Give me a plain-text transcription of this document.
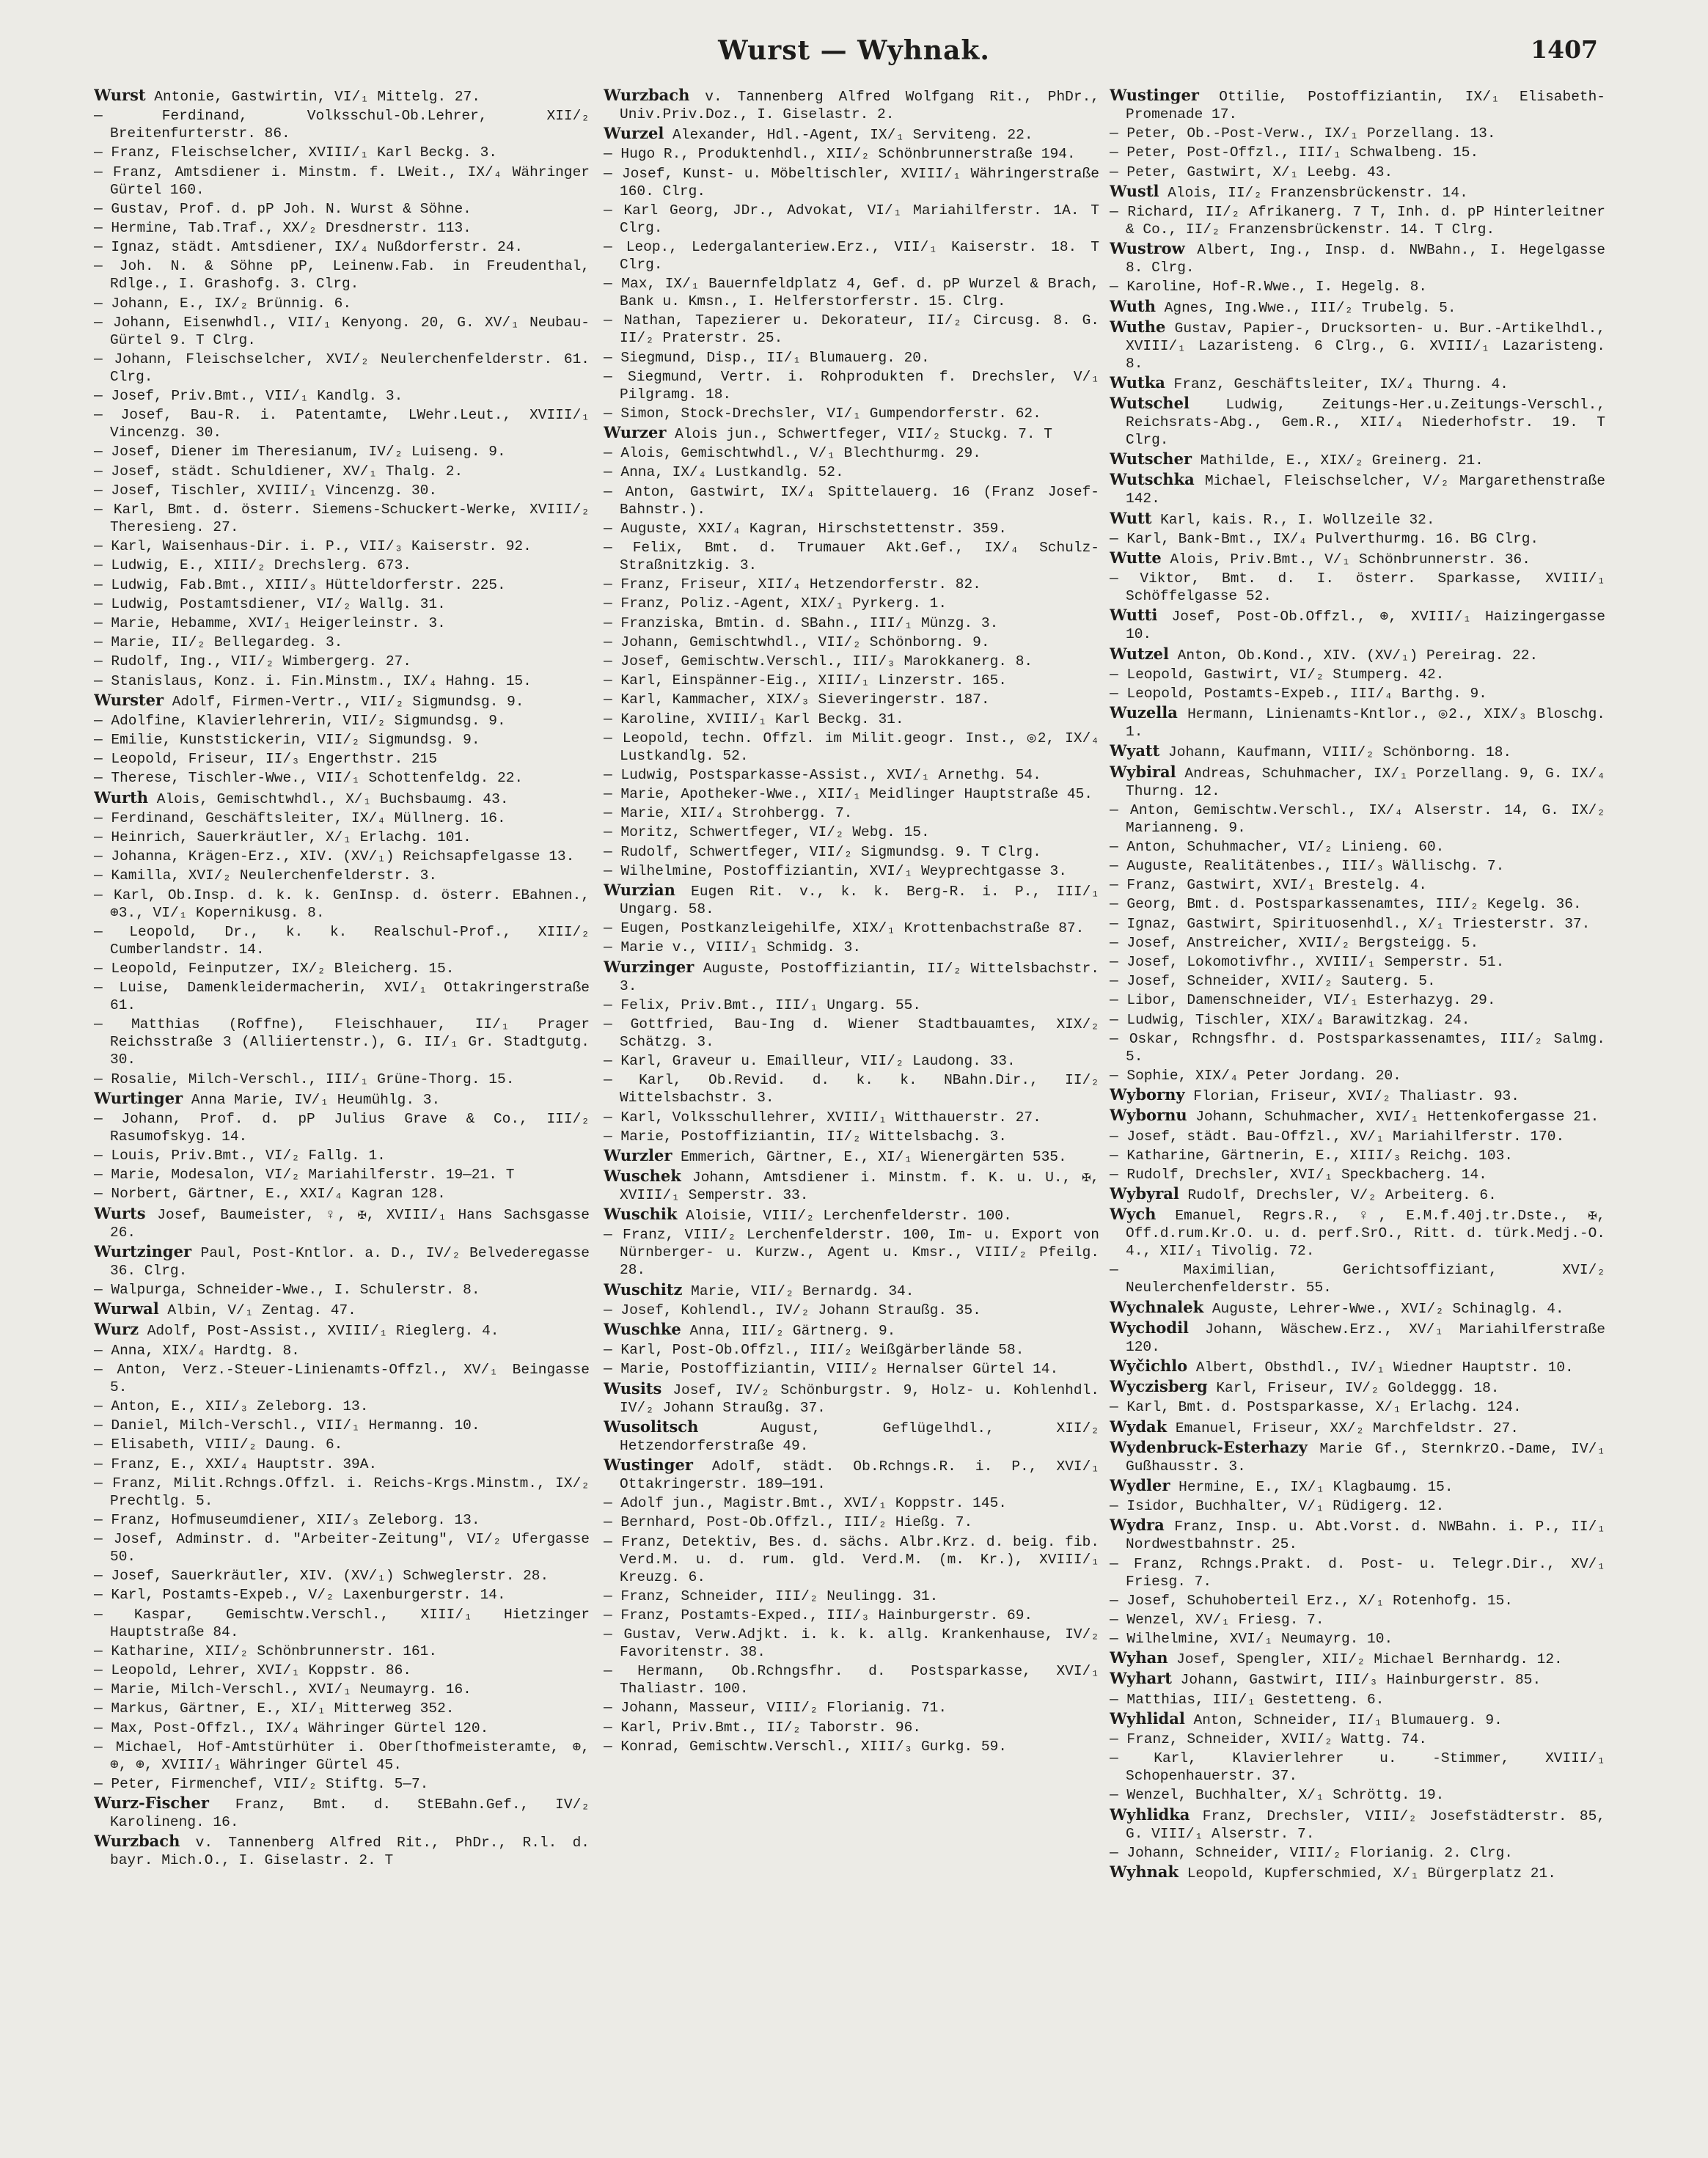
Wurst — Wyhnak.	1407

Wurst Antonie, Gastwirtin, VI/₁ Mittelg. 27.

— Ferdinand, Volksschul-Ob.Lehrer, XII/₂ Breitenfurterstr. 86.

— Franz, Fleischselcher, XVIII/₁ Karl Beckg. 3.

— Franz, Amtsdiener i. Minstm. f. LWeit., IX/₄ Währinger Gürtel 160.

— Gustav, Prof. d. pP Joh. N. Wurst & Söhne.

— Hermine, Tab.Traf., XX/₂ Dresdnerstr. 113.

— Ignaz, städt. Amtsdiener, IX/₄ Nußdorferstr. 24.

— Joh. N. & Söhne pP, Leinenw.Fab. in Freudenthal, Rdlge., I. Grashofg. 3. Clrg.

— Johann, E., IX/₂ Brünnig. 6.

— Johann, Eisenwhdl., VII/₁ Kenyong. 20, G. XV/₁ Neubau-Gürtel 9. T Clrg.

— Johann, Fleischselcher, XVI/₂ Neulerchenfelderstr. 61. Clrg.

— Josef, Priv.Bmt., VII/₁ Kandlg. 3.

— Josef, Bau-R. i. Patentamte, LWehr.Leut., XVIII/₁ Vincenzg. 30.

— Josef, Diener im Theresianum, IV/₂ Luiseng. 9.

— Josef, städt. Schuldiener, XV/₁ Thalg. 2.

— Josef, Tischler, XVIII/₁ Vincenzg. 30.

— Karl, Bmt. d. österr. Siemens-Schuckert-Werke, XVIII/₂ Theresieng. 27.

— Karl, Waisenhaus-Dir. i. P., VII/₃ Kaiserstr. 92.

— Ludwig, E., XIII/₂ Drechslerg. 673.

— Ludwig, Fab.Bmt., XIII/₃ Hütteldorferstr. 225.

— Ludwig, Postamtsdiener, VI/₂ Wallg. 31.

— Marie, Hebamme, XVI/₁ Heigerleinstr. 3.

— Marie, II/₂ Bellegardeg. 3.

— Rudolf, Ing., VII/₂ Wimbergerg. 27.

— Stanislaus, Konz. i. Fin.Minstm., IX/₄ Hahng. 15.

Wurster Adolf, Firmen-Vertr., VII/₂ Sigmundsg. 9.

— Adolfine, Klavierlehrerin, VII/₂ Sigmundsg. 9.

— Emilie, Kunststickerin, VII/₂ Sigmundsg. 9.

— Leopold, Friseur, II/₃ Engerthstr. 215

— Therese, Tischler-Wwe., VII/₁ Schottenfeldg. 22.

Wurth Alois, Gemischtwhdl., X/₁ Buchsbaumg. 43.

— Ferdinand, Geschäftsleiter, IX/₄ Müllnerg. 16.

— Heinrich, Sauerkräutler, X/₁ Erlachg. 101.

— Johanna, Krägen-Erz., XIV. (XV/₁) Reichsapfelgasse 13.

— Kamilla, XVI/₂ Neulerchenfelderstr. 3.

— Karl, Ob.Insp. d. k. k. GenInsp. d. österr. EBahnen., ⊕3., VI/₁ Kopernikusg. 8.

— Leopold, Dr., k. k. Realschul-Prof., XIII/₂ Cumberlandstr. 14.

— Leopold, Feinputzer, IX/₂ Bleicherg. 15.

— Luise, Damenkleidermacherin, XVI/₁ Ottakringerstraße 61.

— Matthias (Roffne), Fleischhauer, II/₁ Prager Reichsstraße 3 (Alliiertenstr.), G. II/₁ Gr. Stadtgutg. 30.

— Rosalie, Milch-Verschl., III/₁ Grüne-Thorg. 15.

Wurtinger Anna Marie, IV/₁ Heumühlg. 3.

— Johann, Prof. d. pP Julius Grave & Co., III/₂ Rasumofskyg. 14.

— Louis, Priv.Bmt., VI/₂ Fallg. 1.

— Marie, Modesalon, VI/₂ Mariahilferstr. 19—21. T

— Norbert, Gärtner, E., XXI/₄ Kagran 128.

Wurts Josef, Baumeister, ♀, ✠, XVIII/₁ Hans Sachsgasse 26.

Wurtzinger Paul, Post-Kntlor. a. D., IV/₂ Belvederegasse 36. Clrg.

— Walpurga, Schneider-Wwe., I. Schulerstr. 8.

Wurwal Albin, V/₁ Zentag. 47.

Wurz Adolf, Post-Assist., XVIII/₁ Rieglerg. 4.

— Anna, XIX/₄ Hardtg. 8.

— Anton, Verz.-Steuer-Linienamts-Offzl., XV/₁ Beingasse 5.

— Anton, E., XII/₃ Zeleborg. 13.

— Daniel, Milch-Verschl., VII/₁ Hermanng. 10.

— Elisabeth, VIII/₂ Daung. 6.

— Franz, E., XXI/₄ Hauptstr. 39A.

— Franz, Milit.Rchngs.Offzl. i. Reichs-Krgs.Minstm., IX/₂ Prechtlg. 5.

— Franz, Hofmuseumdiener, XII/₃ Zeleborg. 13.

— Josef, Adminstr. d. "Arbeiter-Zeitung", VI/₂ Ufergasse 50.

— Josef, Sauerkräutler, XIV. (XV/₁) Schweglerstr. 28.

— Karl, Postamts-Expeb., V/₂ Laxenburgerstr. 14.

— Kaspar, Gemischtw.Verschl., XIII/₁ Hietzinger Hauptstraße 84.

— Katharine, XII/₂ Schönbrunnerstr. 161.

— Leopold, Lehrer, XVI/₁ Koppstr. 86.

— Marie, Milch-Verschl., XVI/₁ Neumayrg. 16.

— Markus, Gärtner, E., XI/₁ Mitterweg 352.

— Max, Post-Offzl., IX/₄ Währinger Gürtel 120.

— Michael, Hof-Amtstürhüter i. Oberſthofmeisteramte, ⊕, ⊕, ⊕, XVIII/₁ Währinger Gürtel 45.

— Peter, Firmenchef, VII/₂ Stiftg. 5—7.

Wurz-Fischer Franz, Bmt. d. StEBahn.Gef., IV/₂ Karolineng. 16.

Wurzbach v. Tannenberg Alfred Rit., PhDr., R.l. d. bayr. Mich.O., I. Giselastr. 2. T

Wurzbach v. Tannenberg Alfred Wolfgang Rit., PhDr., Univ.Priv.Doz., I. Giselastr. 2.

Wurzel Alexander, Hdl.-Agent, IX/₁ Serviteng. 22.

— Hugo R., Produktenhdl., XII/₂ Schönbrunnerstraße 194.

— Josef, Kunst- u. Möbeltischler, XVIII/₁ Währingerstraße 160. Clrg.

— Karl Georg, JDr., Advokat, VI/₁ Mariahilferstr. 1A. T Clrg.

— Leop., Ledergalanteriew.Erz., VII/₁ Kaiserstr. 18. T Clrg.

— Max, IX/₁ Bauernfeldplatz 4, Gef. d. pP Wurzel & Brach, Bank u. Kmsn., I. Helferstorferstr. 15. Clrg.

— Nathan, Tapezierer u. Dekorateur, II/₂ Circusg. 8. G. II/₂ Praterstr. 25.

— Siegmund, Disp., II/₁ Blumauerg. 20.

— Siegmund, Vertr. i. Rohprodukten f. Drechsler, V/₁ Pilgramg. 18.

— Simon, Stock-Drechsler, VI/₁ Gumpendorferstr. 62.

Wurzer Alois jun., Schwertfeger, VII/₂ Stuckg. 7. T

— Alois, Gemischtwhdl., V/₁ Blechthurmg. 29.

— Anna, IX/₄ Lustkandlg. 52.

— Anton, Gastwirt, IX/₄ Spittelauerg. 16 (Franz Josef-Bahnstr.).

— Auguste, XXI/₄ Kagran, Hirschstettenstr. 359.

— Felix, Bmt. d. Trumauer Akt.Gef., IX/₄ Schulz-Straßnitzkig. 3.

— Franz, Friseur, XII/₄ Hetzendorferstr. 82.

— Franz, Poliz.-Agent, XIX/₁ Pyrkerg. 1.

— Franziska, Bmtin. d. SBahn., III/₁ Münzg. 3.

— Johann, Gemischtwhdl., VII/₂ Schönborng. 9.

— Josef, Gemischtw.Verschl., III/₃ Marokkanerg. 8.

— Karl, Einspänner-Eig., XIII/₁ Linzerstr. 165.

— Karl, Kammacher, XIX/₃ Sieveringerstr. 187.

— Karoline, XVIII/₁ Karl Beckg. 31.

— Leopold, techn. Offzl. im Milit.geogr. Inst., ◎2, IX/₄ Lustkandlg. 52.

— Ludwig, Postsparkasse-Assist., XVI/₁ Arnethg. 54.

— Marie, Apotheker-Wwe., XII/₁ Meidlinger Hauptstraße 45.

— Marie, XII/₄ Strohbergg. 7.

— Moritz, Schwertfeger, VI/₂ Webg. 15.

— Rudolf, Schwertfeger, VII/₂ Sigmundsg. 9. T Clrg.

— Wilhelmine, Postoffiziantin, XVI/₁ Weyprechtgasse 3.

Wurzian Eugen Rit. v., k. k. Berg-R. i. P., III/₁ Ungarg. 58.

— Eugen, Postkanzleigehilfe, XIX/₁ Krottenbachstraße 87.

— Marie v., VIII/₁ Schmidg. 3.

Wurzinger Auguste, Postoffiziantin, II/₂ Wittelsbachstr. 3.

— Felix, Priv.Bmt., III/₁ Ungarg. 55.

— Gottfried, Bau-Ing d. Wiener Stadtbauamtes, XIX/₂ Schätzg. 3.

— Karl, Graveur u. Emailleur, VII/₂ Laudong. 33.

— Karl, Ob.Revid. d. k. k. NBahn.Dir., II/₂ Wittelsbachstr. 3.

— Karl, Volksschullehrer, XVIII/₁ Witthauerstr. 27.

— Marie, Postoffiziantin, II/₂ Wittelsbachg. 3.

Wurzler Emmerich, Gärtner, E., XI/₁ Wienergärten 535.

Wuschek Johann, Amtsdiener i. Minstm. f. K. u. U., ✠, XVIII/₁ Semperstr. 33.

Wuschik Aloisie, VIII/₂ Lerchenfelderstr. 100.

— Franz, VIII/₂ Lerchenfelderstr. 100, Im- u. Export von Nürnberger- u. Kurzw., Agent u. Kmsr., VIII/₂ Pfeilg. 28.

Wuschitz Marie, VII/₂ Bernardg. 34.

— Josef, Kohlendl., IV/₂ Johann Straußg. 35.

Wuschke Anna, III/₂ Gärtnerg. 9.

— Karl, Post-Ob.Offzl., III/₂ Weißgärberlände 58.

— Marie, Postoffiziantin, VIII/₂ Hernalser Gürtel 14.

Wusits Josef, IV/₂ Schönburgstr. 9, Holz- u. Kohlenhdl. IV/₂ Johann Straußg. 37.

Wusolitsch August, Geflügelhdl., XII/₂ Hetzendorferstraße 49.

Wustinger Adolf, städt. Ob.Rchngs.R. i. P., XVI/₁ Ottakringerstr. 189—191.

— Adolf jun., Magistr.Bmt., XVI/₁ Koppstr. 145.

— Bernhard, Post-Ob.Offzl., III/₂ Hießg. 7.

— Franz, Detektiv, Bes. d. sächs. Albr.Krz. d. beig. fib. Verd.M. u. d. rum. gld. Verd.M. (m. Kr.), XVIII/₁ Kreuzg. 6.

— Franz, Schneider, III/₂ Neulingg. 31.

— Franz, Postamts-Exped., III/₃ Hainburgerstr. 69.

— Gustav, Verw.Adjkt. i. k. k. allg. Krankenhause, IV/₂ Favoritenstr. 38.

— Hermann, Ob.Rchngsfhr. d. Postsparkasse, XVI/₁ Thaliastr. 100.

— Johann, Masseur, VIII/₂ Florianig. 71.

— Karl, Priv.Bmt., II/₂ Taborstr. 96.

— Konrad, Gemischtw.Verschl., XIII/₃ Gurkg. 59.

Wustinger Ottilie, Postoffiziantin, IX/₁ Elisabeth-Promenade 17.

— Peter, Ob.-Post-Verw., IX/₁ Porzellang. 13.

— Peter, Post-Offzl., III/₁ Schwalbeng. 15.

— Peter, Gastwirt, X/₁ Leebg. 43.

Wustl Alois, II/₂ Franzensbrückenstr. 14.

— Richard, II/₂ Afrikanerg. 7 T, Inh. d. pP Hinterleitner & Co., II/₂ Franzensbrückenstr. 14. T Clrg.

Wustrow Albert, Ing., Insp. d. NWBahn., I. Hegelgasse 8. Clrg.

— Karoline, Hof-R.Wwe., I. Hegelg. 8.

Wuth Agnes, Ing.Wwe., III/₂ Trubelg. 5.

Wuthe Gustav, Papier-, Drucksorten- u. Bur.-Artikelhdl., XVIII/₁ Lazaristeng. 6 Clrg., G. XVIII/₁ Lazaristeng. 8.

Wutka Franz, Geschäftsleiter, IX/₄ Thurng. 4.

Wutschel Ludwig, Zeitungs-Her.u.Zeitungs-Verschl., Reichsrats-Abg., Gem.R., XII/₄ Niederhofstr. 19. T Clrg.

Wutscher Mathilde, E., XIX/₂ Greinerg. 21.

Wutschka Michael, Fleischselcher, V/₂ Margarethenstraße 142.

Wutt Karl, kais. R., I. Wollzeile 32.

— Karl, Bank-Bmt., IX/₄ Pulverthurmg. 16. BG Clrg.

Wutte Alois, Priv.Bmt., V/₁ Schönbrunnerstr. 36.

— Viktor, Bmt. d. I. österr. Sparkasse, XVIII/₁ Schöffelgasse 52.

Wutti Josef, Post-Ob.Offzl., ⊕, XVIII/₁ Haizingergasse 10.

Wutzel Anton, Ob.Kond., XIV. (XV/₁) Pereirag. 22.

— Leopold, Gastwirt, VI/₂ Stumperg. 42.

— Leopold, Postamts-Expeb., III/₄ Barthg. 9.

Wuzella Hermann, Linienamts-Kntlor., ◎2., XIX/₃ Bloschg. 1.

Wyatt Johann, Kaufmann, VIII/₂ Schönborng. 18.

Wybiral Andreas, Schuhmacher, IX/₁ Porzellang. 9, G. IX/₄ Thurng. 12.

— Anton, Gemischtw.Verschl., IX/₄ Alserstr. 14, G. IX/₂ Marianneng. 9.

— Anton, Schuhmacher, VI/₂ Linieng. 60.

— Auguste, Realitätenbes., III/₃ Wällischg. 7.

— Franz, Gastwirt, XVI/₁ Brestelg. 4.

— Georg, Bmt. d. Postsparkassenamtes, III/₂ Kegelg. 36.

— Ignaz, Gastwirt, Spirituosenhdl., X/₁ Triesterstr. 37.

— Josef, Anstreicher, XVII/₂ Bergsteigg. 5.

— Josef, Lokomotivfhr., XVIII/₁ Semperstr. 51.

— Josef, Schneider, XVII/₂ Sauterg. 5.

— Libor, Damenschneider, VI/₁ Esterhazyg. 29.

— Ludwig, Tischler, XIX/₄ Barawitzkag. 24.

— Oskar, Rchngsfhr. d. Postsparkassenamtes, III/₂ Salmg. 5.

— Sophie, XIX/₄ Peter Jordang. 20.

Wyborny Florian, Friseur, XVI/₂ Thaliastr. 93.

Wybornu Johann, Schuhmacher, XVI/₁ Hettenkofergasse 21.

— Josef, städt. Bau-Offzl., XV/₁ Mariahilferstr. 170.

— Katharine, Gärtnerin, E., XIII/₃ Reichg. 103.

— Rudolf, Drechsler, XVI/₁ Speckbacherg. 14.

Wybyral Rudolf, Drechsler, V/₂ Arbeiterg. 6.

Wych Emanuel, Regrs.R., ♀, E.M.f.40j.tr.Dste., ✠, Off.d.rum.Kr.O. u. d. perf.SrO., Ritt. d. türk.Medj.-O. 4., XII/₁ Tivolig. 72.

— Maximilian, Gerichtsoffiziant, XVI/₂ Neulerchenfelderstr. 55.

Wychnalek Auguste, Lehrer-Wwe., XVI/₂ Schinaglg. 4.

Wychodil Johann, Wäschew.Erz., XV/₁ Mariahilferstraße 120.

Wyčichlo Albert, Obsthdl., IV/₁ Wiedner Hauptstr. 10.

Wyczisberg Karl, Friseur, IV/₂ Goldeggg. 18.

— Karl, Bmt. d. Postsparkasse, X/₁ Erlachg. 124.

Wydak Emanuel, Friseur, XX/₂ Marchfeldstr. 27.

Wydenbruck-Esterhazy Marie Gf., SternkrzO.-Dame, IV/₁ Gußhausstr. 3.

Wydler Hermine, E., IX/₁ Klagbaumg. 15.

— Isidor, Buchhalter, V/₁ Rüdigerg. 12.

Wydra Franz, Insp. u. Abt.Vorst. d. NWBahn. i. P., II/₁ Nordwestbahnstr. 25.

— Franz, Rchngs.Prakt. d. Post- u. Telegr.Dir., XV/₁ Friesg. 7.

— Josef, Schuhoberteil Erz., X/₁ Rotenhofg. 15.

— Wenzel, XV/₁ Friesg. 7.

— Wilhelmine, XVI/₁ Neumayrg. 10.

Wyhan Josef, Spengler, XII/₂ Michael Bernhardg. 12.

Wyhart Johann, Gastwirt, III/₃ Hainburgerstr. 85.

— Matthias, III/₁ Gestetteng. 6.

Wyhlidal Anton, Schneider, II/₁ Blumauerg. 9.

— Franz, Schneider, XVII/₂ Wattg. 74.

— Karl, Klavierlehrer u. -Stimmer, XVIII/₁ Schopenhauerstr. 37.

— Wenzel, Buchhalter, X/₁ Schröttg. 19.

Wyhlidka Franz, Drechsler, VIII/₂ Josefstädterstr. 85, G. VIII/₁ Alserstr. 7.

— Johann, Schneider, VIII/₂ Florianig. 2. Clrg.

Wyhnak Leopold, Kupferschmied, X/₁ Bürgerplatz 21.
